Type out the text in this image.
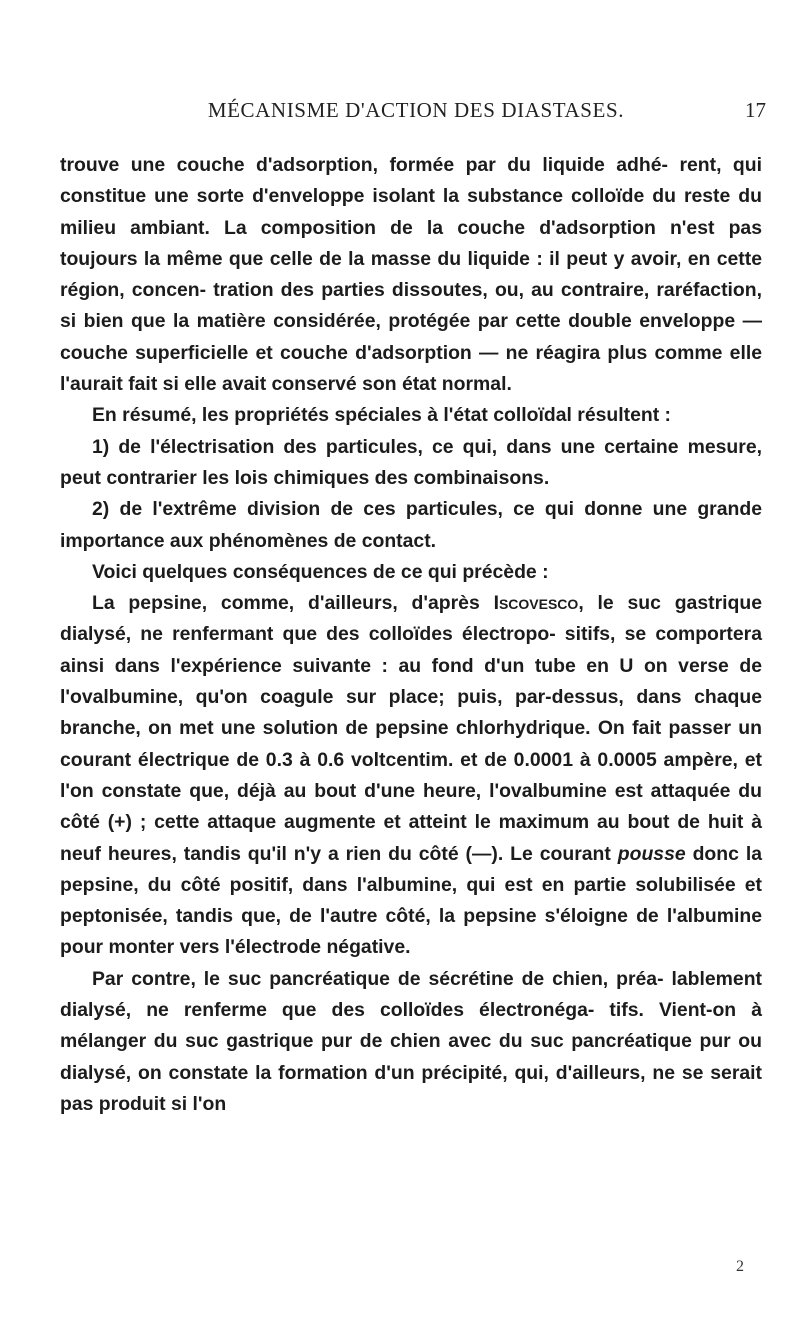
MÉCANISME D'ACTION DES DIASTASES.	17

trouve une couche d'adsorption, formée par du liquide adhé- rent, qui constitue une sorte d'enveloppe isolant la substance colloïde du reste du milieu ambiant. La composition de la couche d'adsorption n'est pas toujours la même que celle de la masse du liquide : il peut y avoir, en cette région, concen- tration des parties dissoutes, ou, au contraire, raréfaction, si bien que la matière considérée, protégée par cette double enveloppe — couche superficielle et couche d'adsorption — ne réagira plus comme elle l'aurait fait si elle avait conservé son état normal.

En résumé, les propriétés spéciales à l'état colloïdal résultent :

1) de l'électrisation des particules, ce qui, dans une certaine mesure, peut contrarier les lois chimiques des combinaisons.

2) de l'extrême division de ces particules, ce qui donne une grande importance aux phénomènes de contact.

Voici quelques conséquences de ce qui précède :

La pepsine, comme, d'ailleurs, d'après Iscovesco, le suc gastrique dialysé, ne renfermant que des colloïdes électropo- sitifs, se comportera ainsi dans l'expérience suivante : au fond d'un tube en U on verse de l'ovalbumine, qu'on coagule sur place; puis, par-dessus, dans chaque branche, on met une solution de pepsine chlorhydrique. On fait passer un courant électrique de 0.3 à 0.6 voltcentim. et de 0.0001 à 0.0005 ampère, et l'on constate que, déjà au bout d'une heure, l'ovalbumine est attaquée du côté (+) ; cette attaque augmente et atteint le maximum au bout de huit à neuf heures, tandis qu'il n'y a rien du côté (—). Le courant pousse donc la pepsine, du côté positif, dans l'albumine, qui est en partie solubilisée et peptonisée, tandis que, de l'autre côté, la pepsine s'éloigne de l'albumine pour monter vers l'électrode négative.

Par contre, le suc pancréatique de sécrétine de chien, préa- lablement dialysé, ne renferme que des colloïdes électronéga- tifs. Vient-on à mélanger du suc gastrique pur de chien avec du suc pancréatique pur ou dialysé, on constate la formation d'un précipité, qui, d'ailleurs, ne se serait pas produit si l'on

2
